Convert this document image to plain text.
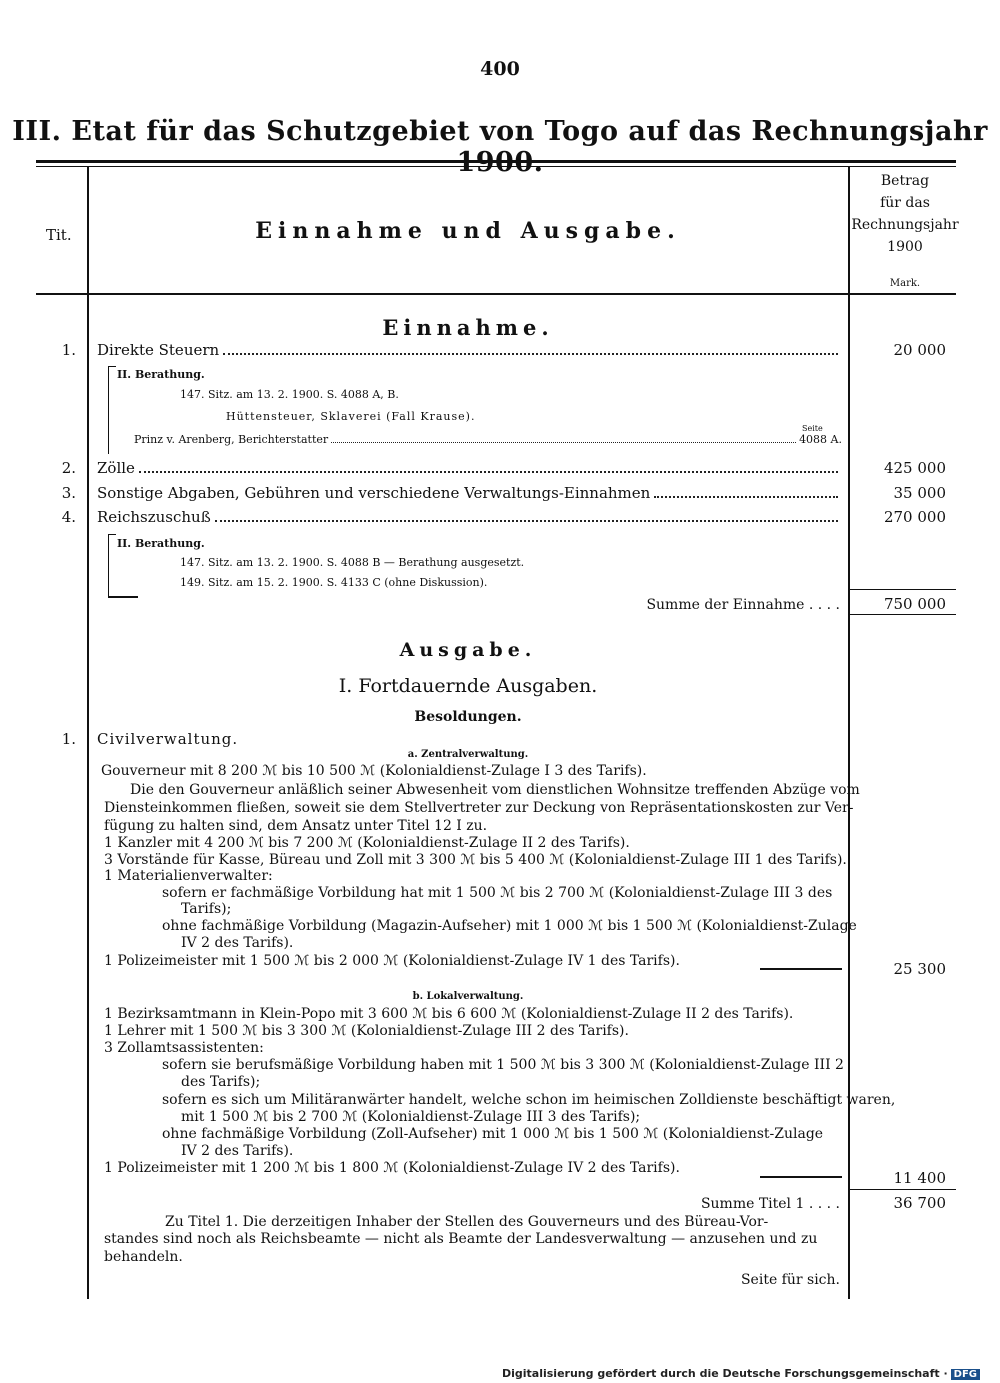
400
III. Etat für das Schutzgebiet von Togo auf das Rechnungsjahr
Tit.	Einnahme und Ausgabe.
Betrag
für das
Rechnungsjahr
1900
Mark.
Einnahme.
1. Direkte Steuern	20 000
II. Berathung.
147. Sitz. am 13. 2. 1900. S. 4088 A, B.
Hüttensteuer, Sklaverei (Fall Krause).
Seite
Prinz v. Arenberg, Berichterstatter	4088 A.
2. Zölle	425 000
3. Sonstige Abgaben, Gebühren und verschiedene Verwaltungs-Einnahmen	35 000
4. Reichszuschuß	270 000
II. Berathung.
147. Sitz. am 13. 2. 1900. S. 4088 B — Berathung ausgesetzt.
149. Sitz. am 15. 2. 1900. S. 4133 C (ohne Diskussion).
Summe der Einnahme . . . .	750 000
Ausgabe.
I. Fortdauernde Ausgaben.
Besoldungen.
1. Civilverwaltung.
a. Zentralverwaltung.
Gouverneur mit 8 200 ℳ bis 10 500 ℳ (Kolonialdienst-Zulage I 3 des Tarifs).
Die den Gouverneur anläßlich seiner Abwesenheit vom dienstlichen Wohnsitze treffenden Abzüge vom
Diensteinkommen fließen, soweit sie dem Stellvertreter zur Deckung von Repräsentationskosten zur Ver-
fügung zu halten sind, dem Ansatz unter Titel 12 I zu.
1 Kanzler mit 4 200 ℳ bis 7 200 ℳ (Kolonialdienst-Zulage II 2 des Tarifs).
3 Vorstände für Kasse, Büreau und Zoll mit 3 300 ℳ bis 5 400 ℳ (Kolonialdienst-Zulage III 1 des Tarifs).
1 Materialienverwalter:
sofern er fachmäßige Vorbildung hat mit 1 500 ℳ bis 2 700 ℳ (Kolonialdienst-Zulage III 3 des
Tarifs);
ohne fachmäßige Vorbildung (Magazin-Aufseher) mit 1 000 ℳ bis 1 500 ℳ (Kolonialdienst-Zulage
IV 2 des Tarifs).
1 Polizeimeister mit 1 500 ℳ bis 2 000 ℳ (Kolonialdienst-Zulage IV 1 des Tarifs).	25 300
b. Lokalverwaltung.
1 Bezirksamtmann in Klein-Popo mit 3 600 ℳ bis 6 600 ℳ (Kolonialdienst-Zulage II 2 des Tarifs).
1 Lehrer mit 1 500 ℳ bis 3 300 ℳ (Kolonialdienst-Zulage III 2 des Tarifs).
3 Zollamtsassistenten:
sofern sie berufsmäßige Vorbildung haben mit 1 500 ℳ bis 3 300 ℳ (Kolonialdienst-Zulage III 2
des Tarifs);
sofern es sich um Militäranwärter handelt, welche schon im heimischen Zolldienste beschäftigt waren,
mit 1 500 ℳ bis 2 700 ℳ (Kolonialdienst-Zulage III 3 des Tarifs);
ohne fachmäßige Vorbildung (Zoll-Aufseher) mit 1 000 ℳ bis 1 500 ℳ (Kolonialdienst-Zulage
IV 2 des Tarifs).
1 Polizeimeister mit 1 200 ℳ bis 1 800 ℳ (Kolonialdienst-Zulage IV 2 des Tarifs).
11 400
Summe Titel 1 . . . .	36 700
Zu Titel 1. Die derzeitigen Inhaber der Stellen des Gouverneurs und des Büreau-Vor-
standes sind noch als Reichsbeamte — nicht als Beamte der Landesverwaltung — anzusehen und zu
behandeln.
Seite für sich.
Digitalisierung gefördert durch die Deutsche Forschungsgemeinschaft · DFG
